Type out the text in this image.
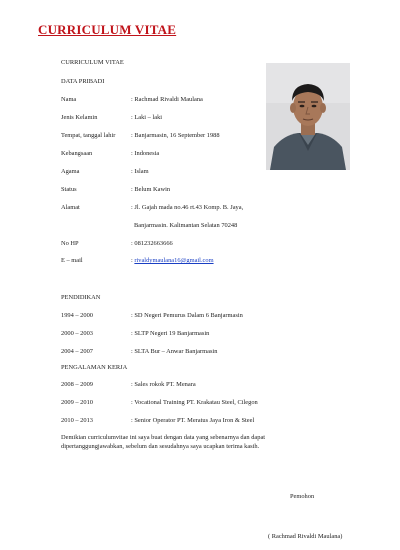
CURRICULUM VITAE
CURRICULUM VITAE
DATA PRIBADI
Nama	: Rachmad Rivaldi Maulana
Jenis Kelamin	: Laki – laki
Tempat, tanggal lahir : Banjarmasin, 16 September 1988
Kebangsaan	: Indonesia
Agama	: Islam
Status	: Belum Kawin
Alamat	: Jl. Gajah mada no.46 rt.43 Komp. B. Jaya,
Banjarmasin. Kalimantan Selatan 70248
No HP	: 081232663666
E – mail	: rivaldymaulana16@gmail.com
PENDIDIKAN
1994 – 2000	: SD Negeri Pemurus Dalam 6 Banjarmasin
2000 – 2003	: SLTP Negeri 19 Banjarmasin
2004 – 2007	: SLTA Bur – Anwar Banjarmasin
PENGALAMAN KERJA
2008 – 2009	: Sales rokok PT. Menara
2009 – 2010	: Vocational Training PT. Krakatau Steel, Cilegon
2010 – 2013	: Senior Operator PT. Meratus Jaya Iron & Steel
Demikian curriculumvitae ini saya buat dengan data yang sebenarnya dan dapat
dipertanggungjawabkan, sebelum dan sesudahnya saya ucapkan terima kasih.
Pemohon
( Rachmad Rivaldi Maulana)
